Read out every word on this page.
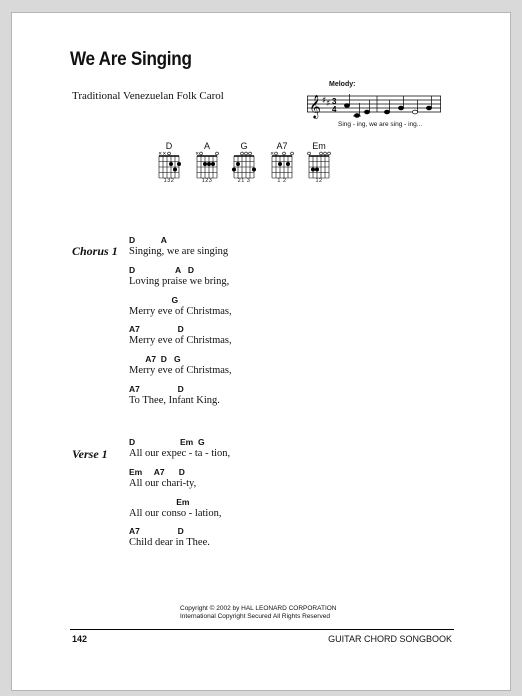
We Are Singing
Traditional Venezuelan Folk Carol
Melody:
𝄞 ♯ ♯ 3
4
Sing - ing, we are sing - ing...
D
××
132
A
×
123
G
21 3
A7
×
1 2
Em
12
Chorus 1
D           A
Singing, we are singing
D                 A   D
Loving praise we bring,
G
Merry eve of Christmas,
A7                D
Merry eve of Christmas,
A7  D   G
Merry eve of Christmas,
A7                D
To Thee, Infant King.
Verse 1
D                   Em  G
All our expec - ta - tion,
Em     A7      D
All our chari-ty,
Em
All our conso - lation,
A7                D
Child dear in Thee.
Copyright © 2002 by HAL LEONARD CORPORATION
International Copyright Secured All Rights Reserved
142	GUITAR CHORD SONGBOOK
